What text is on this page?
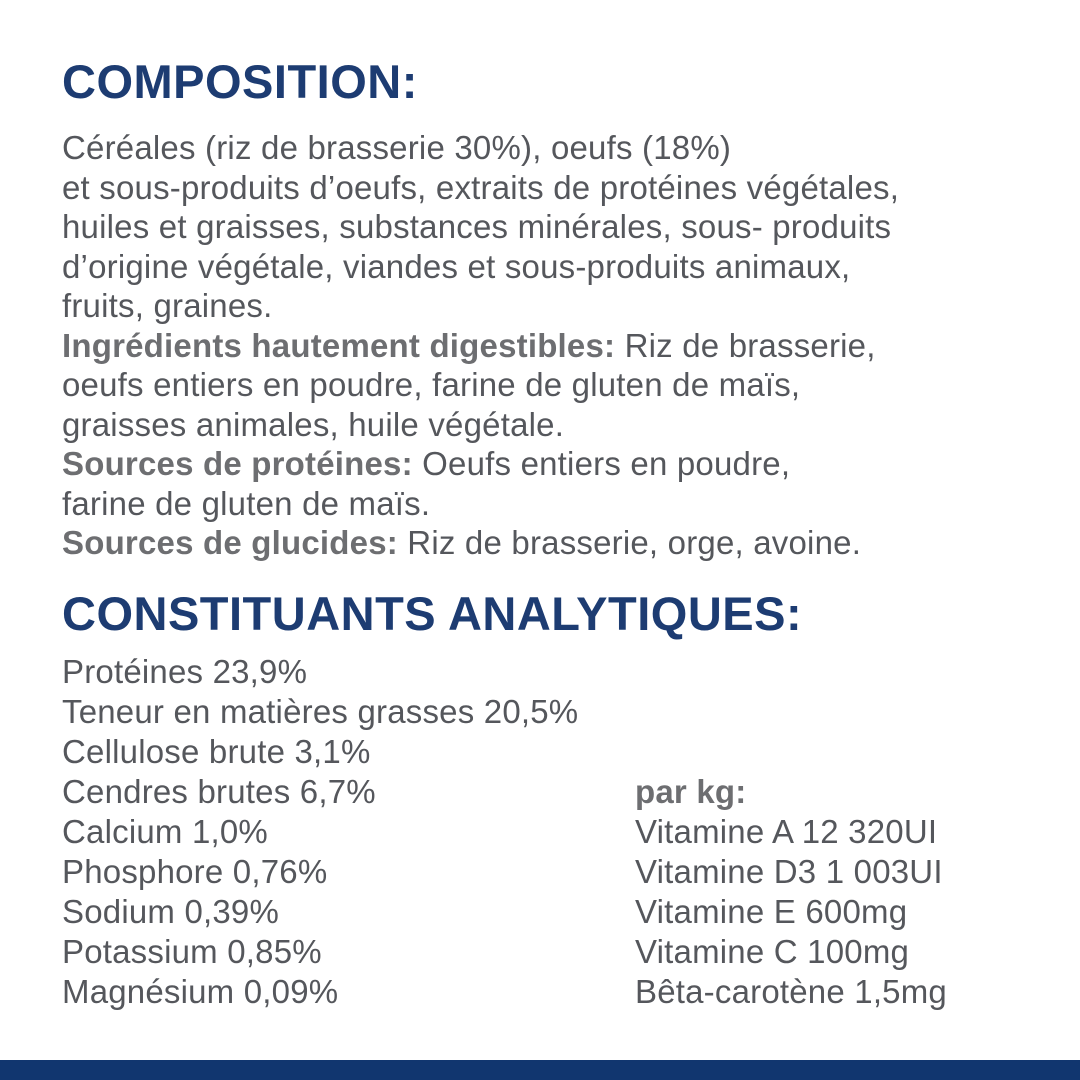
COMPOSITION:
Céréales (riz de brasserie 30%), oeufs (18%)
et sous-produits d’oeufs, extraits de protéines végétales,
huiles et graisses, substances minérales, sous- produits
d’origine végétale, viandes et sous-produits animaux,
fruits, graines.
Ingrédients hautement digestibles: Riz de brasserie,
oeufs entiers en poudre, farine de gluten de maïs,
graisses animales, huile végétale.
Sources de protéines: Oeufs entiers en poudre,
farine de gluten de maïs.
Sources de glucides: Riz de brasserie, orge, avoine.
CONSTITUANTS ANALYTIQUES:
Protéines 23,9%
Teneur en matières grasses 20,5%
Cellulose brute 3,1%
Cendres brutes 6,7%
Calcium 1,0%
Phosphore 0,76%
Sodium 0,39%
Potassium 0,85%
Magnésium 0,09%
par kg:
Vitamine A 12 320UI
Vitamine D3 1 003UI
Vitamine E 600mg
Vitamine C 100mg
Bêta-carotène 1,5mg
